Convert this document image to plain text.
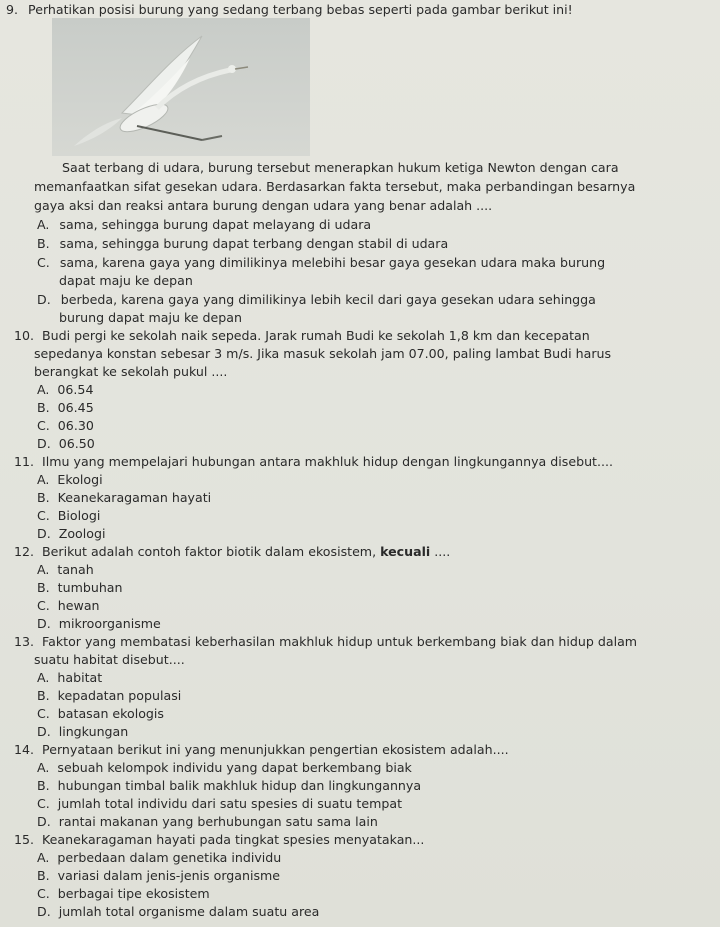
9. Perhatikan posisi burung yang sedang terbang bebas seperti pada gambar berikut ini!
Saat terbang di udara, burung tersebut menerapkan hukum ketiga Newton dengan cara
memanfaatkan sifat gesekan udara. Berdasarkan fakta tersebut, maka perbandingan besarnya
gaya aksi dan reaksi antara burung dengan udara yang benar adalah ....
A. sama, sehingga burung dapat melayang di udara
B. sama, sehingga burung dapat terbang dengan stabil di udara
C. sama, karena gaya yang dimilikinya melebihi besar gaya gesekan udara maka burung
dapat maju ke depan
D. berbeda, karena gaya yang dimilikinya lebih kecil dari gaya gesekan udara sehingga
burung dapat maju ke depan
10. Budi pergi ke sekolah naik sepeda. Jarak rumah Budi ke sekolah 1,8 km dan kecepatan
sepedanya konstan sebesar 3 m/s. Jika masuk sekolah jam 07.00, paling lambat Budi harus
berangkat ke sekolah pukul ....
A. 06.54
B. 06.45
C. 06.30
D. 06.50
11. Ilmu yang mempelajari hubungan antara makhluk hidup dengan lingkungannya disebut....
A. Ekologi
B. Keanekaragaman hayati
C. Biologi
D. Zoologi
12. Berikut adalah contoh faktor biotik dalam ekosistem, kecuali ....
A. tanah
B. tumbuhan
C. hewan
D. mikroorganisme
13. Faktor yang membatasi keberhasilan makhluk hidup untuk berkembang biak dan hidup dalam
suatu habitat disebut....
A. habitat
B. kepadatan populasi
C. batasan ekologis
D. lingkungan
14. Pernyataan berikut ini yang menunjukkan pengertian ekosistem adalah....
A. sebuah kelompok individu yang dapat berkembang biak
B. hubungan timbal balik makhluk hidup dan lingkungannya
C. jumlah total individu dari satu spesies di suatu tempat
D. rantai makanan yang berhubungan satu sama lain
15. Keanekaragaman hayati pada tingkat spesies menyatakan...
A. perbedaan dalam genetika individu
B. variasi dalam jenis-jenis organisme
C. berbagai tipe ekosistem
D. jumlah total organisme dalam suatu area
